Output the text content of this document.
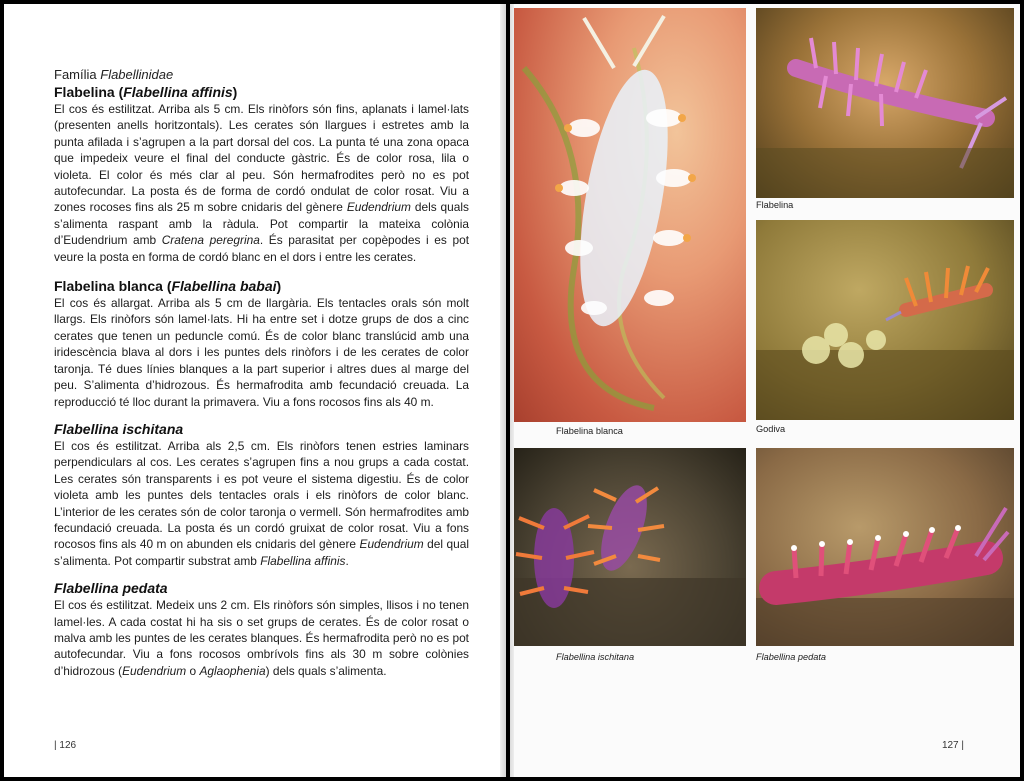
Família Flabellinidae
Flabelina (Flabellina affinis)

El cos és estilitzat. Arriba als 5 cm. Els rinòfors són fins, aplanats i lamel·lats (presenten anells horitzontals). Les cerates són llargues i estretes amb la punta afilada i s’agrupen a la part dorsal del cos. La punta té una zona opaca que impedeix veure el final del conducte gàstric. És de color rosa, lila o violeta. El color és més clar al peu. Són hermafrodites però no es pot autofecundar. La posta és de forma de cordó ondulat de color rosat. Viu a zones rocoses fins als 25 m sobre cnidaris del gènere Eudendrium dels quals s’alimenta raspant amb la ràdula. Pot compartir la mateixa colònia d’Eudendrium amb Cratena peregrina. És parasitat per copèpodes i es pot veure la posta en forma de cordó blanc en el dors i entre les cerates.

Flabelina blanca (Flabellina babai)

El cos és allargat. Arriba als 5 cm de llargària. Els tentacles orals són molt llargs. Els rinòfors són lamel·lats. Hi ha entre set i dotze grups de dos a cinc cerates que tenen un peduncle comú. És de color blanc translúcid amb una iridescència blava al dors i les puntes dels rinòfors i de les cerates de color taronja. Té dues línies blanques a la part superior i altres dues al marge del peu. S’alimenta d’hidrozous. És hermafrodita amb fecundació creuada. La reproducció té lloc durant la primavera. Viu a fons rocosos fins als 40 m.

Flabellina ischitana

El cos és estilitzat. Arriba als 2,5 cm. Els rinòfors tenen estries laminars perpendiculars al cos. Les cerates s’agrupen fins a nou grups a cada costat. Les cerates són transparents i es pot veure el sistema digestiu. És de color violeta amb les puntes dels tentacles orals i els rinòfors de color blanc. L’interior de les cerates són de color taronja o vermell. Són hermafrodites amb fecundació creuada. La posta és un cordó gruixat de color rosat. Viu a fons rocosos fins als 40 m on abunden els cnidaris del gènere Eudendrium del qual s’alimenta. Pot compartir substrat amb Flabellina affinis.

Flabellina pedata

El cos és estilitzat. Medeix uns 2 cm. Els rinòfors són simples, llisos i no tenen lamel·les. A cada costat hi ha sis o set grups de cerates. És de color rosat o malva amb les puntes de les cerates blanques. És hermafrodita però no es pot autofecundar. Viu a fons rocosos ombrívols fins als 30 m sobre colònies d’hidrozous (Eudendrium o Aglaophenia) dels quals s’alimenta.

| 126
Flabelina blanca
Flabelina
Godiva
Flabellina ischitana	Flabellina pedata
127 |
